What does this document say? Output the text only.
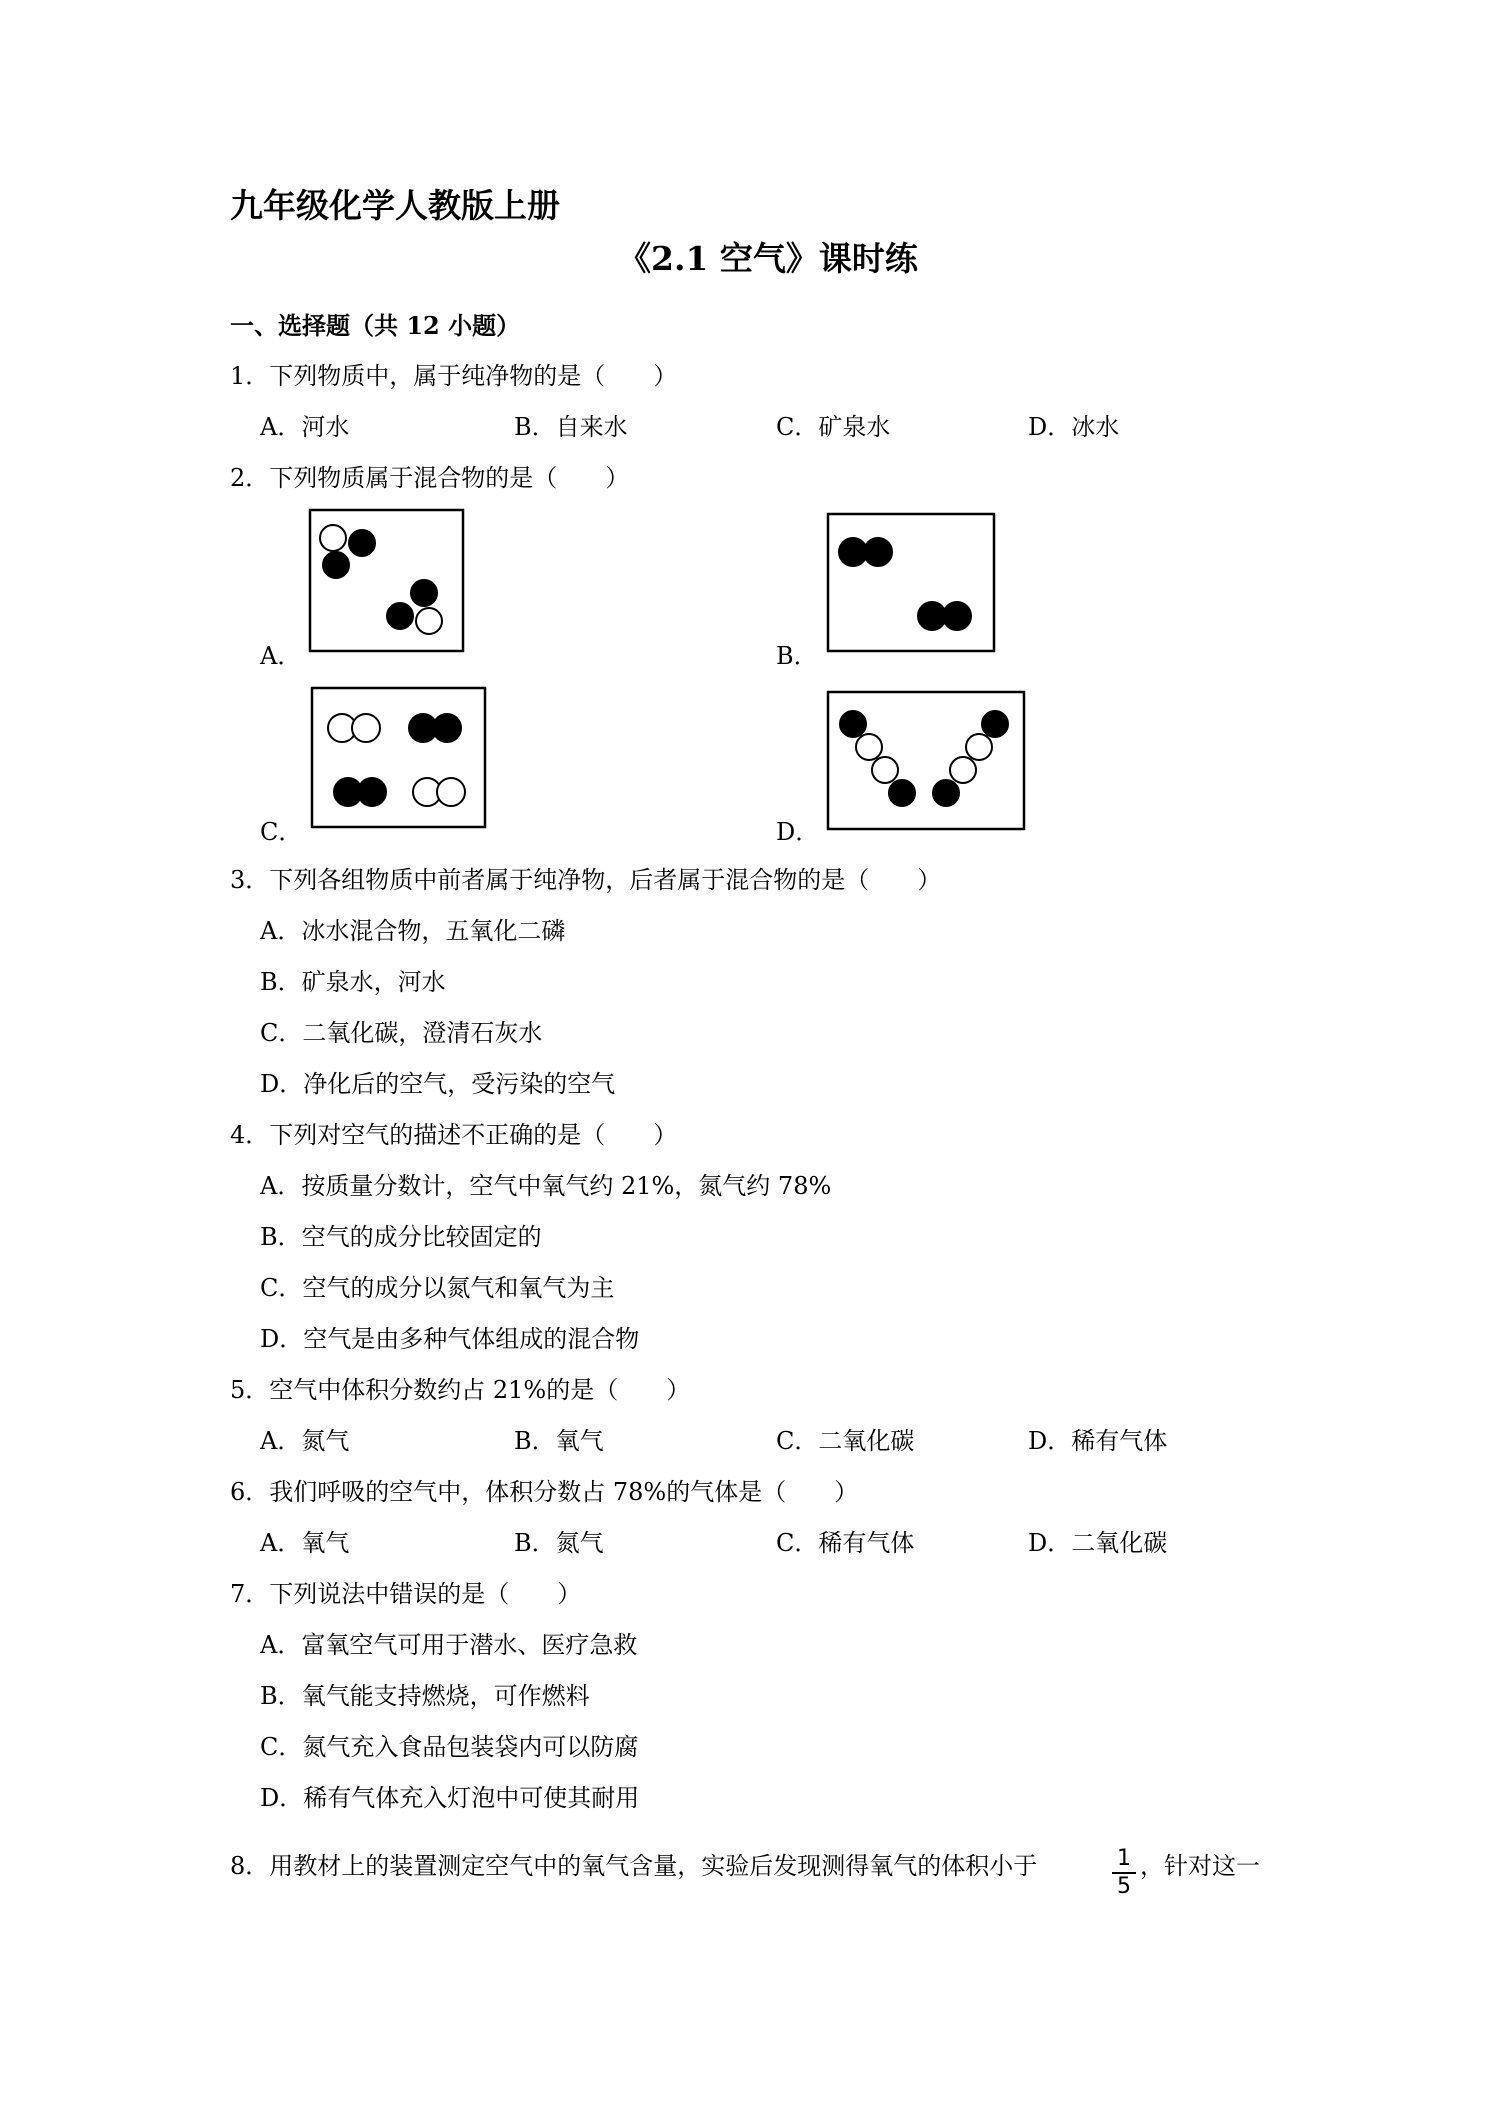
九年级化学人教版上册
《2.1 空气》课时练
一、选择题（共 12 小题）
1．下列物质中，属于纯净物的是（　　）
A．河水	B．自来水	C．矿泉水	D．冰水
2．下列物质属于混合物的是（　　）
A．	B．
C．	D．
3．下列各组物质中前者属于纯净物，后者属于混合物的是（　　）
A．冰水混合物，五氧化二磷
B．矿泉水，河水
C．二氧化碳，澄清石灰水
D．净化后的空气，受污染的空气
4．下列对空气的描述不正确的是（　　）
A．按质量分数计，空气中氧气约 21%，氮气约 78%
B．空气的成分比较固定的
C．空气的成分以氮气和氧气为主
D．空气是由多种气体组成的混合物
5．空气中体积分数约占 21%的是（　　）
A．氮气	B．氧气	C．二氧化碳	D．稀有气体
6．我们呼吸的空气中，体积分数占 78%的气体是（　　）
A．氧气	B．氮气	C．稀有气体	D．二氧化碳
7．下列说法中错误的是（　　）
A．富氧空气可用于潜水、医疗急救
B．氧气能支持燃烧，可作燃料
C．氮气充入食品包装袋内可以防腐
D．稀有气体充入灯泡中可使其耐用
8．用教材上的装置测定空气中的氧气含量，实验后发现测得氧气的体积小于	1
5
，针对这一
